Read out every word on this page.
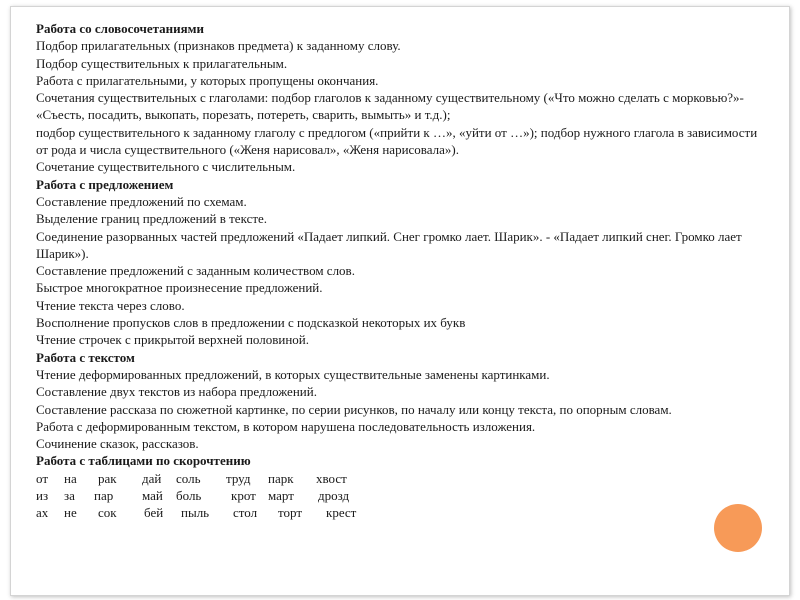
Работа со словосочетаниями

Подбор прилагательных (признаков предмета) к заданному слову.

Подбор существительных к прилагательным.

Работа с прилагательными, у которых пропущены окончания.

Сочетания существительных с глаголами: подбор глаголов к заданному существительному («Что можно сделать с морковью?»- «Съесть, посадить, выкопать, порезать, потереть, сварить, вымыть» и т.д.);

подбор существительного к заданному глаголу с предлогом («прийти к …», «уйти от …»); подбор нужного глагола в зависимости от рода и числа существительного («Женя нарисовал», «Женя нарисовала»).

Сочетание существительного с числительным.

Работа с предложением

Составление предложений по схемам.

Выделение границ предложений в тексте.

Соединение разорванных частей предложений «Падает липкий. Снег громко лает. Шарик». - «Падает липкий снег. Громко лает Шарик»).

Составление предложений с заданным количеством слов.

Быстрое многократное произнесение предложений.

Чтение текста через слово.

Восполнение пропусков слов в предложении с подсказкой некоторых их букв

Чтение строчек с прикрытой верхней половиной.

Работа с текстом

Чтение деформированных предложений, в которых существительные заменены картинками.

Составление двух текстов из набора предложений.

Составление рассказа по сюжетной картинке, по серии рисунков, по началу или концу текста, по опорным словам.

Работа с деформированным текстом, в котором нарушена последовательность изложения.

Сочинение сказок, рассказов.

Работа с таблицами по скорочтению

от на рак дай соль труд парк хвост
из за пар май боль крот март дрозд
ах не сок бей пыль стол торт крест
